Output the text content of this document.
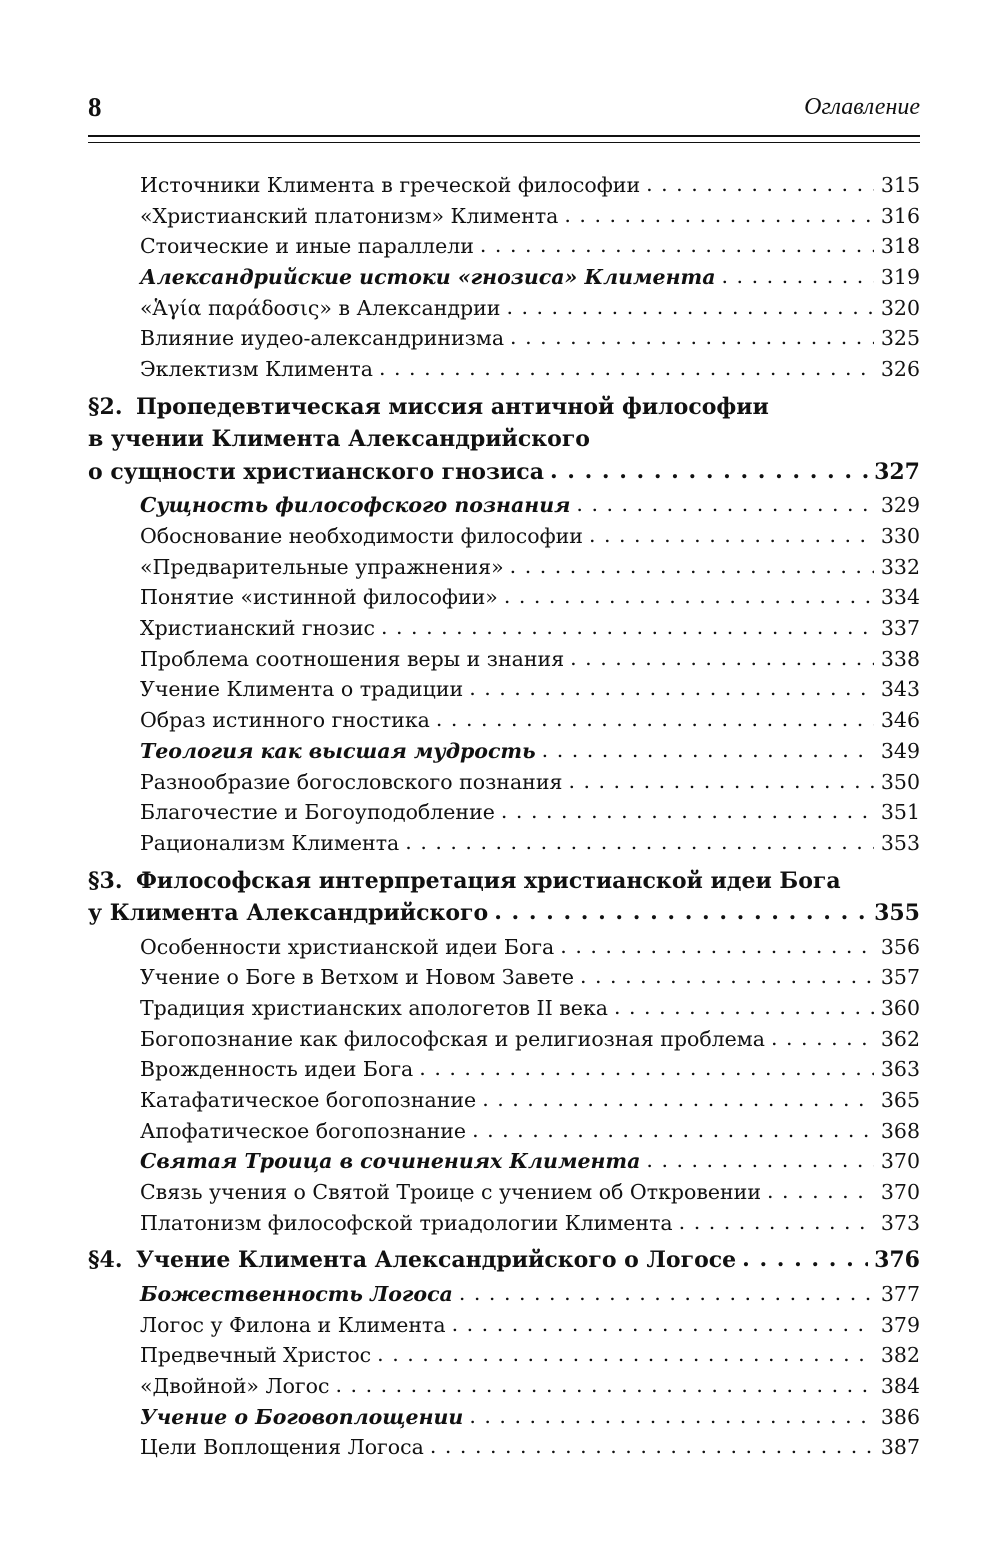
8	Оглавление
Источники Климента в греческой философии . . .	315
«Христианский платонизм» Климента . . .	316
Стоические и иные параллели . . .	318
Александрийские истоки «гнозиса» Климента . . .	319
«Ἁγία παράδοσις» в Александрии . . .	320
Влияние иудео-александринизма . . .	325
Эклектизм Климента . . .	326
§2. Пропедевтическая миссия античной философии
в учении Климента Александрийского
о сущности христианского гнозиса . . .	327
Сущность философского познания . . .	329
Обоснование необходимости философии . . .	330
«Предварительные упражнения» . . .	332
Понятие «истинной философии» . . .	334
Христианский гнозис . . .	337
Проблема соотношения веры и знания . . .	338
Учение Климента о традиции . . .	343
Образ истинного гностика . . .	346
Теология как высшая мудрость . . .	349
Разнообразие богословского познания . . .	350
Благочестие и Богоуподобление . . .	351
Рационализм Климента . . .	353
§3. Философская интерпретация христианской идеи Бога
у Климента Александрийского . . .	355
Особенности христианской идеи Бога . . .	356
Учение о Боге в Ветхом и Новом Завете . . .	357
Традиция христианских апологетов II века . . .	360
Богопознание как философская и религиозная проблема . . .	362
Врожденность идеи Бога . . .	363
Катафатическое богопознание . . .	365
Апофатическое богопознание . . .	368
Святая Троица в сочинениях Климента . . .	370
Связь учения о Святой Троице с учением об Откровении . . .	370
Платонизм философской триадологии Климента . . .	373
§4. Учение Климента Александрийского о Логосе . . .	376
Божественность Логоса . . .	377
Логос у Филона и Климента . . .	379
Предвечный Христос . . .	382
«Двойной» Логос . . .	384
Учение о Боговоплощении . . .	386
Цели Воплощения Логоса . . .	387
